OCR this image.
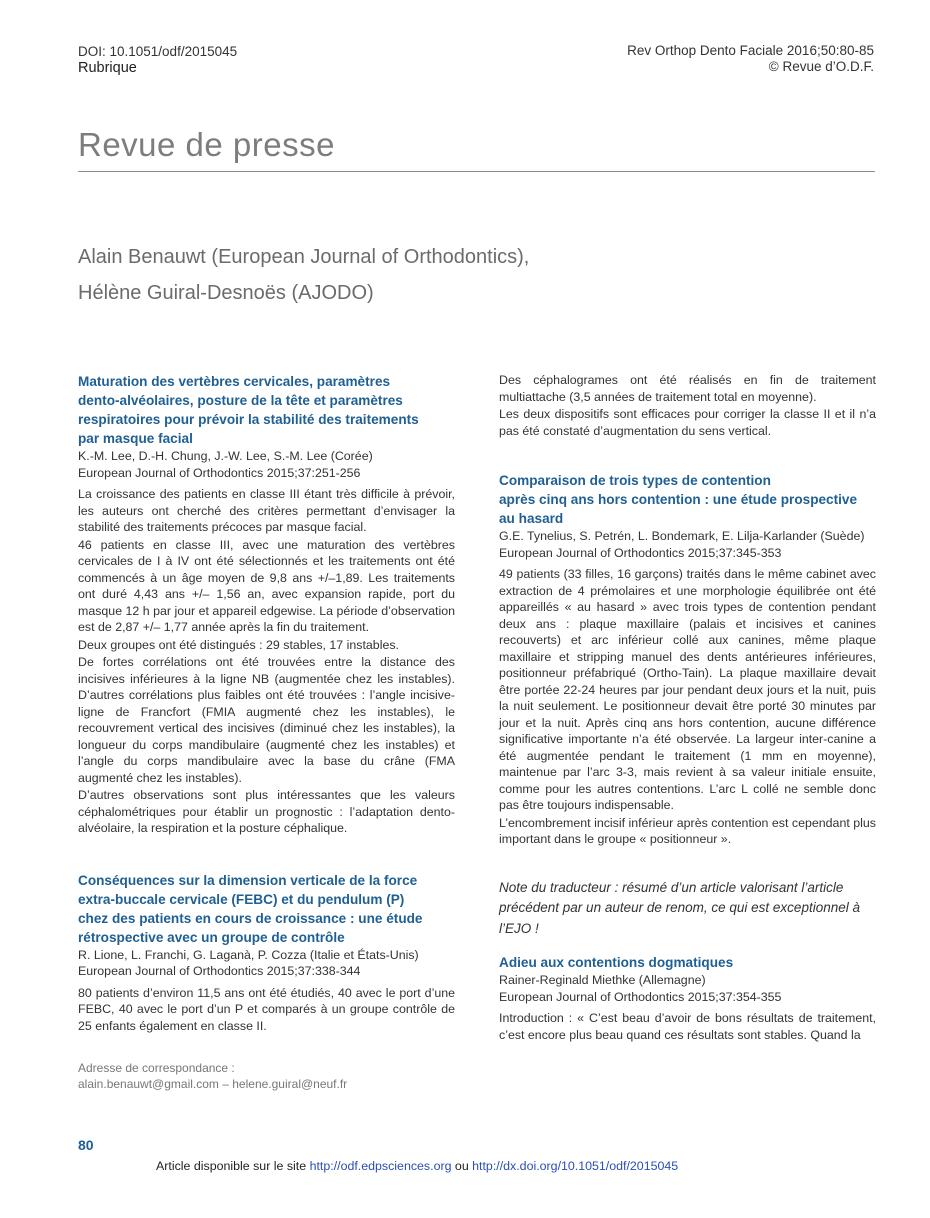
DOI: 10.1051/odf/2015045
Rubrique
Rev Orthop Dento Faciale 2016;50:80-85
© Revue d’O.D.F.
Revue de presse
Alain Benauwt (European Journal of Orthodontics),
Hélène Guiral-Desnoës (AJODO)

Maturation des vertèbres cervicales, paramètres
dento-alvéolaires, posture de la tête et paramètres
respiratoires pour prévoir la stabilité des traitements
par masque facial

K.-M. Lee, D.-H. Chung, J.-W. Lee, S.-M. Lee (Corée)

European Journal of Orthodontics 2015;37:251-256

La croissance des patients en classe III étant très difficile à prévoir, les auteurs ont cherché des critères permettant d’envisager la stabilité des traitements précoces par masque facial.

46 patients en classe III, avec une maturation des vertèbres cervicales de I à IV ont été sélectionnés et les traitements ont été commencés à un âge moyen de 9,8 ans +/–1,89. Les traitements ont duré 4,43 ans +/– 1,56 an, avec expansion rapide, port du masque 12 h par jour et appareil edgewise. La période d’observation est de 2,87 +/– 1,77 année après la fin du traitement.

Deux groupes ont été distingués : 29 stables, 17 instables.

De fortes corrélations ont été trouvées entre la distance des incisives inférieures à la ligne NB (augmentée chez les instables). D’autres corrélations plus faibles ont été trouvées : l’angle incisive-ligne de Francfort (FMIA augmenté chez les instables), le recouvrement vertical des incisives (diminué chez les instables), la longueur du corps mandibulaire (augmenté chez les instables) et l’angle du corps mandibulaire avec la base du crâne (FMA augmenté chez les instables).

D’autres observations sont plus intéressantes que les valeurs céphalométriques pour établir un prognostic : l’adaptation dento-alvéolaire, la respiration et la posture céphalique.

Conséquences sur la dimension verticale de la force
extra-buccale cervicale (FEBC) et du pendulum (P)
chez des patients en cours de croissance : une étude
rétrospective avec un groupe de contrôle

R. Lione, L. Franchi, G. Laganà, P. Cozza (Italie et États-Unis)

European Journal of Orthodontics 2015;37:338-344

80 patients d’environ 11,5 ans ont été étudiés, 40 avec le port d’une FEBC, 40 avec le port d’un P et comparés à un groupe contrôle de 25 enfants également en classe II.

Des céphalogrames ont été réalisés en fin de traitement multiattache (3,5 années de traitement total en moyenne).

Les deux dispositifs sont efficaces pour corriger la classe II et il n’a pas été constaté d’augmentation du sens vertical.

Comparaison de trois types de contention
après cinq ans hors contention : une étude prospective
au hasard

G.E. Tynelius, S. Petrén, L. Bondemark, E. Lilja-Karlander (Suède)

European Journal of Orthodontics 2015;37:345-353

49 patients (33 filles, 16 garçons) traités dans le même cabinet avec extraction de 4 prémolaires et une morphologie équilibrée ont été appareillés « au hasard » avec trois types de contention pendant deux ans : plaque maxillaire (palais et incisives et canines recouverts) et arc inférieur collé aux canines, même plaque maxillaire et stripping manuel des dents antérieures inférieures, positionneur préfabriqué (Ortho-Tain). La plaque maxillaire devait être portée 22-24 heures par jour pendant deux jours et la nuit, puis la nuit seulement. Le positionneur devait être porté 30 minutes par jour et la nuit. Après cinq ans hors contention, aucune différence significative importante n’a été observée. La largeur inter-canine a été augmentée pendant le traitement (1 mm en moyenne), maintenue par l’arc 3-3, mais revient à sa valeur initiale ensuite, comme pour les autres contentions. L’arc L collé ne semble donc pas être toujours indispensable.

L’encombrement incisif inférieur après contention est cependant plus important dans le groupe « positionneur ».

Note du traducteur : résumé d’un article valorisant l’article précédent par un auteur de renom, ce qui est exceptionnel à l’EJO !

Adieu aux contentions dogmatiques

Rainer-Reginald Miethke (Allemagne)

European Journal of Orthodontics 2015;37:354-355

Introduction : « C’est beau d’avoir de bons résultats de traitement, c’est encore plus beau quand ces résultats sont stables. Quand la

Adresse de correspondance :
alain.benauwt@gmail.com – helene.guiral@neuf.fr
80
Article disponible sur le site http://odf.edpsciences.org ou http://dx.doi.org/10.1051/odf/2015045
